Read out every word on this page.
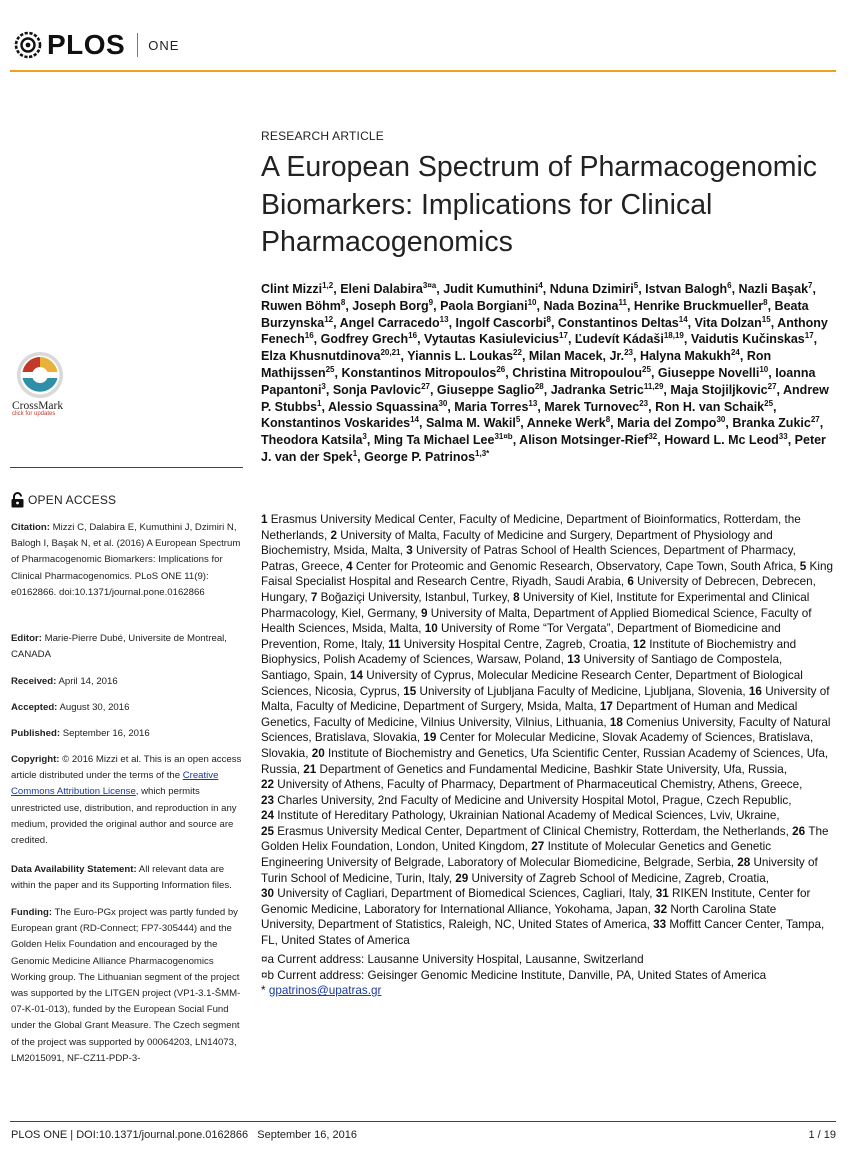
PLOS ONE
CrossMark
click for updates
OPEN ACCESS

Citation: Mizzi C, Dalabira E, Kumuthini J, Dzimiri N, Balogh I, Başak N, et al. (2016) A European Spectrum of Pharmacogenomic Biomarkers: Implications for Clinical Pharmacogenomics. PLoS ONE 11(9): e0162866. doi:10.1371/journal.pone.0162866

Editor: Marie-Pierre Dubé, Universite de Montreal, CANADA

Received: April 14, 2016

Accepted: August 30, 2016

Published: September 16, 2016

Copyright: © 2016 Mizzi et al. This is an open access article distributed under the terms of the Creative Commons Attribution License, which permits unrestricted use, distribution, and reproduction in any medium, provided the original author and source are credited.

Data Availability Statement: All relevant data are within the paper and its Supporting Information files.

Funding: The Euro-PGx project was partly funded by European grant (RD-Connect; FP7-305444) and the Golden Helix Foundation and encouraged by the Genomic Medicine Alliance Pharmacogenomics Working group. The Lithuanian segment of the project was supported by the LITGEN project (VP1-3.1-ŠMM-07-K-01-013), funded by the European Social Fund under the Global Grant Measure. The Czech segment of the project was supported by 00064203, LN14073, LM2015091, NF-CZ11-PDP-3-

RESEARCH ARTICLE
A European Spectrum of Pharmacogenomic Biomarkers: Implications for Clinical Pharmacogenomics

Clint Mizzi$^{1,2}$, Eleni Dalabira$^{3¤a}$, Judit Kumuthini$^4$, Nduna Dzimiri$^5$, Istvan Balogh$^6$, Nazli Başak$^7$, Ruwen Böhm$^8$, Joseph Borg$^9$, Paola Borgiani$^{10}$, Nada Bozina$^{11}$, Henrike Bruckmueller$^8$, Beata Burzynska$^{12}$, Angel Carracedo$^{13}$, Ingolf Cascorbi$^8$, Constantinos Deltas$^{14}$, Vita Dolzan$^{15}$, Anthony Fenech$^{16}$, Godfrey Grech$^{16}$, Vytautas Kasiulevicius$^{17}$, Ľudevít Kádaši$^{18,19}$, Vaidutis Kučinskas$^{17}$, Elza Khusnutdinova$^{20,21}$, Yiannis L. Loukas$^{22}$, Milan Macek, Jr.$^{23}$, Halyna Makukh$^{24}$, Ron Mathijssen$^{25}$, Konstantinos Mitropoulos$^{26}$, Christina Mitropoulou$^{25}$, Giuseppe Novelli$^{10}$, Ioanna Papantoni$^3$, Sonja Pavlovic$^{27}$, Giuseppe Saglio$^{28}$, Jadranka Setric$^{11,29}$, Maja Stojiljkovic$^{27}$, Andrew P. Stubbs$^1$, Alessio Squassina$^{30}$, Maria Torres$^{13}$, Marek Turnovec$^{23}$, Ron H. van Schaik$^{25}$, Konstantinos Voskarides$^{14}$, Salma M. Wakil$^5$, Anneke Werk$^8$, Maria del Zompo$^{30}$, Branka Zukic$^{27}$, Theodora Katsila$^3$, Ming Ta Michael Lee$^{31¤b}$, Alison Motsinger-Rief$^{32}$, Howard L. Mc Leod$^{33}$, Peter J. van der Spek$^1$, George P. Patrinos$^{1,3*}$

1 Erasmus University Medical Center, Faculty of Medicine, Department of Bioinformatics, Rotterdam, the Netherlands, 2 University of Malta, Faculty of Medicine and Surgery, Department of Physiology and Biochemistry, Msida, Malta, 3 University of Patras School of Health Sciences, Department of Pharmacy, Patras, Greece, 4 Center for Proteomic and Genomic Research, Observatory, Cape Town, South Africa, 5 King Faisal Specialist Hospital and Research Centre, Riyadh, Saudi Arabia, 6 University of Debrecen, Debrecen, Hungary, 7 Boğaziçi University, Istanbul, Turkey, 8 University of Kiel, Institute for Experimental and Clinical Pharmacology, Kiel, Germany, 9 University of Malta, Department of Applied Biomedical Science, Faculty of Health Sciences, Msida, Malta, 10 University of Rome “Tor Vergata”, Department of Biomedicine and Prevention, Rome, Italy, 11 University Hospital Centre, Zagreb, Croatia, 12 Institute of Biochemistry and Biophysics, Polish Academy of Sciences, Warsaw, Poland, 13 University of Santiago de Compostela, Santiago, Spain, 14 University of Cyprus, Molecular Medicine Research Center, Department of Biological Sciences, Nicosia, Cyprus, 15 University of Ljubljana Faculty of Medicine, Ljubljana, Slovenia, 16 University of Malta, Faculty of Medicine, Department of Surgery, Msida, Malta, 17 Department of Human and Medical Genetics, Faculty of Medicine, Vilnius University, Vilnius, Lithuania, 18 Comenius University, Faculty of Natural Sciences, Bratislava, Slovakia, 19 Center for Molecular Medicine, Slovak Academy of Sciences, Bratislava, Slovakia, 20 Institute of Biochemistry and Genetics, Ufa Scientific Center, Russian Academy of Sciences, Ufa, Russia, 21 Department of Genetics and Fundamental Medicine, Bashkir State University, Ufa, Russia, 22 University of Athens, Faculty of Pharmacy, Department of Pharmaceutical Chemistry, Athens, Greece, 23 Charles University, 2nd Faculty of Medicine and University Hospital Motol, Prague, Czech Republic, 24 Institute of Hereditary Pathology, Ukrainian National Academy of Medical Sciences, Lviv, Ukraine, 25 Erasmus University Medical Center, Department of Clinical Chemistry, Rotterdam, the Netherlands, 26 The Golden Helix Foundation, London, United Kingdom, 27 Institute of Molecular Genetics and Genetic Engineering University of Belgrade, Laboratory of Molecular Biomedicine, Belgrade, Serbia, 28 University of Turin School of Medicine, Turin, Italy, 29 University of Zagreb School of Medicine, Zagreb, Croatia, 30 University of Cagliari, Department of Biomedical Sciences, Cagliari, Italy, 31 RIKEN Institute, Center for Genomic Medicine, Laboratory for International Alliance, Yokohama, Japan, 32 North Carolina State University, Department of Statistics, Raleigh, NC, United States of America, 33 Moffitt Cancer Center, Tampa, FL, United States of America

¤a Current address: Lausanne University Hospital, Lausanne, Switzerland
¤b Current address: Geisinger Genomic Medicine Institute, Danville, PA, United States of America
* gpatrinos@upatras.gr
PLOS ONE | DOI:10.1371/journal.pone.0162866 September 16, 2016	1 / 19
